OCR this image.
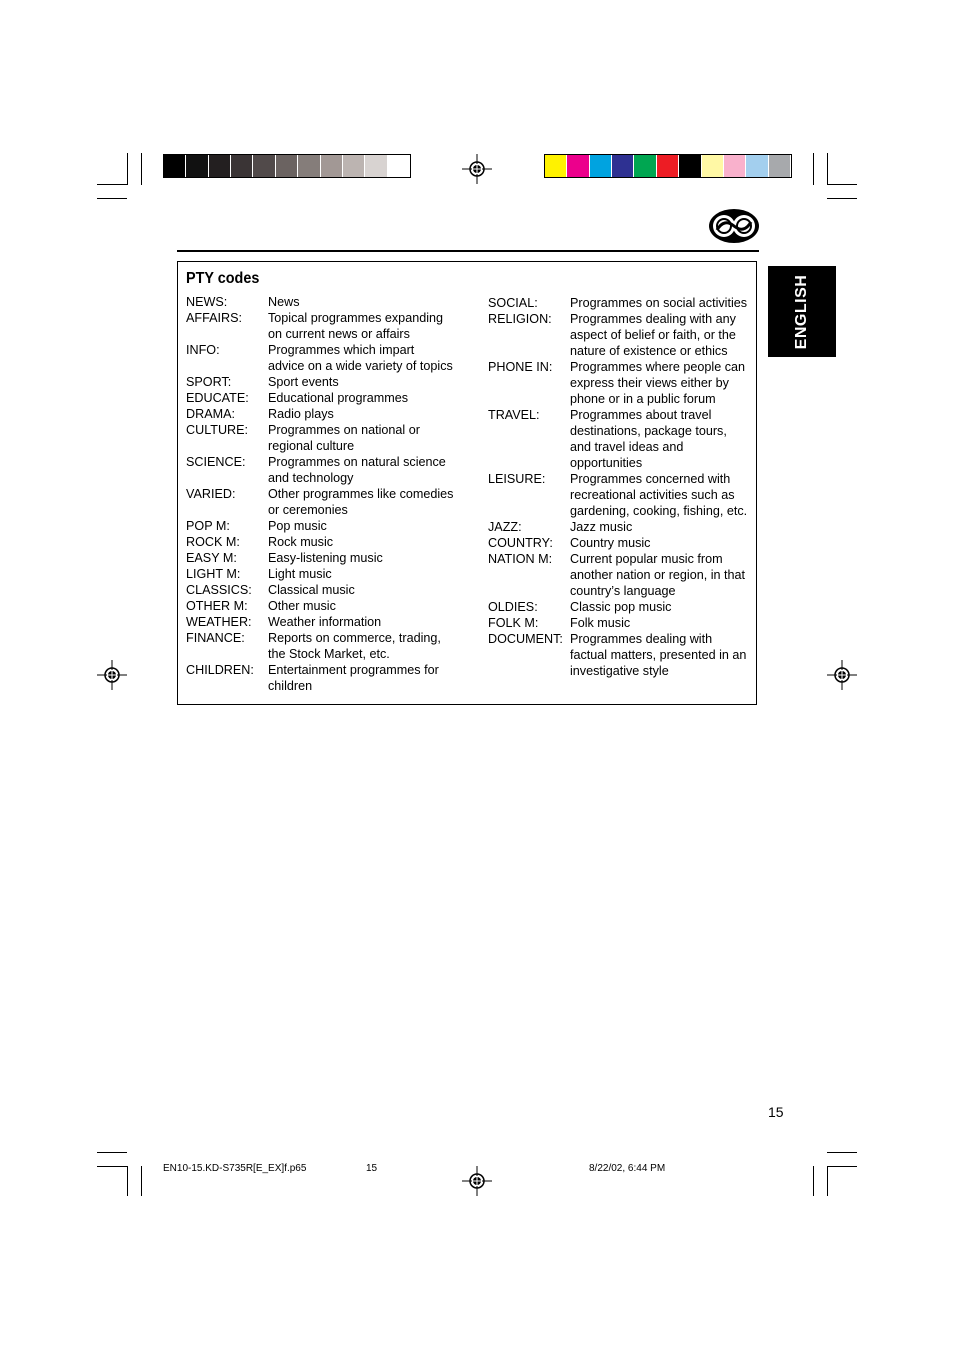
ENGLISH
PTY codes
NEWS:	News
AFFAIRS:	Topical programmes expanding
on current news or affairs
INFO:	Programmes which impart
advice on a wide variety of topics
SPORT:	Sport events
EDUCATE:	Educational programmes
DRAMA:	Radio plays
CULTURE:	Programmes on national or
regional culture
SCIENCE:	Programmes on natural science
and technology
VARIED:	Other programmes like comedies
or ceremonies
POP M:	Pop music
ROCK M:	Rock music
EASY M:	Easy-listening music
LIGHT M:	Light music
CLASSICS:	Classical music
OTHER M:	Other music
WEATHER:	Weather information
FINANCE:	Reports on commerce, trading,
the Stock Market, etc.
CHILDREN:	Entertainment programmes for
children
SOCIAL:	Programmes on social activities
RELIGION:	Programmes dealing with any
aspect of belief or faith, or the
nature of existence or ethics
PHONE IN:	Programmes where people can
express their views either by
phone or in a public forum
TRAVEL:	Programmes about travel
destinations, package tours,
and travel ideas and
opportunities
LEISURE:	Programmes concerned with
recreational activities such as
gardening, cooking, fishing, etc.
JAZZ:	Jazz music
COUNTRY:	Country music
NATION M:	Current popular music from
another nation or region, in that
country’s language
OLDIES:	Classic pop music
FOLK M:	Folk music
DOCUMENT: Programmes dealing with
factual matters, presented in an
investigative style
15
EN10-15.KD-S735R[E_EX]f.p65	15	8/22/02, 6:44 PM
